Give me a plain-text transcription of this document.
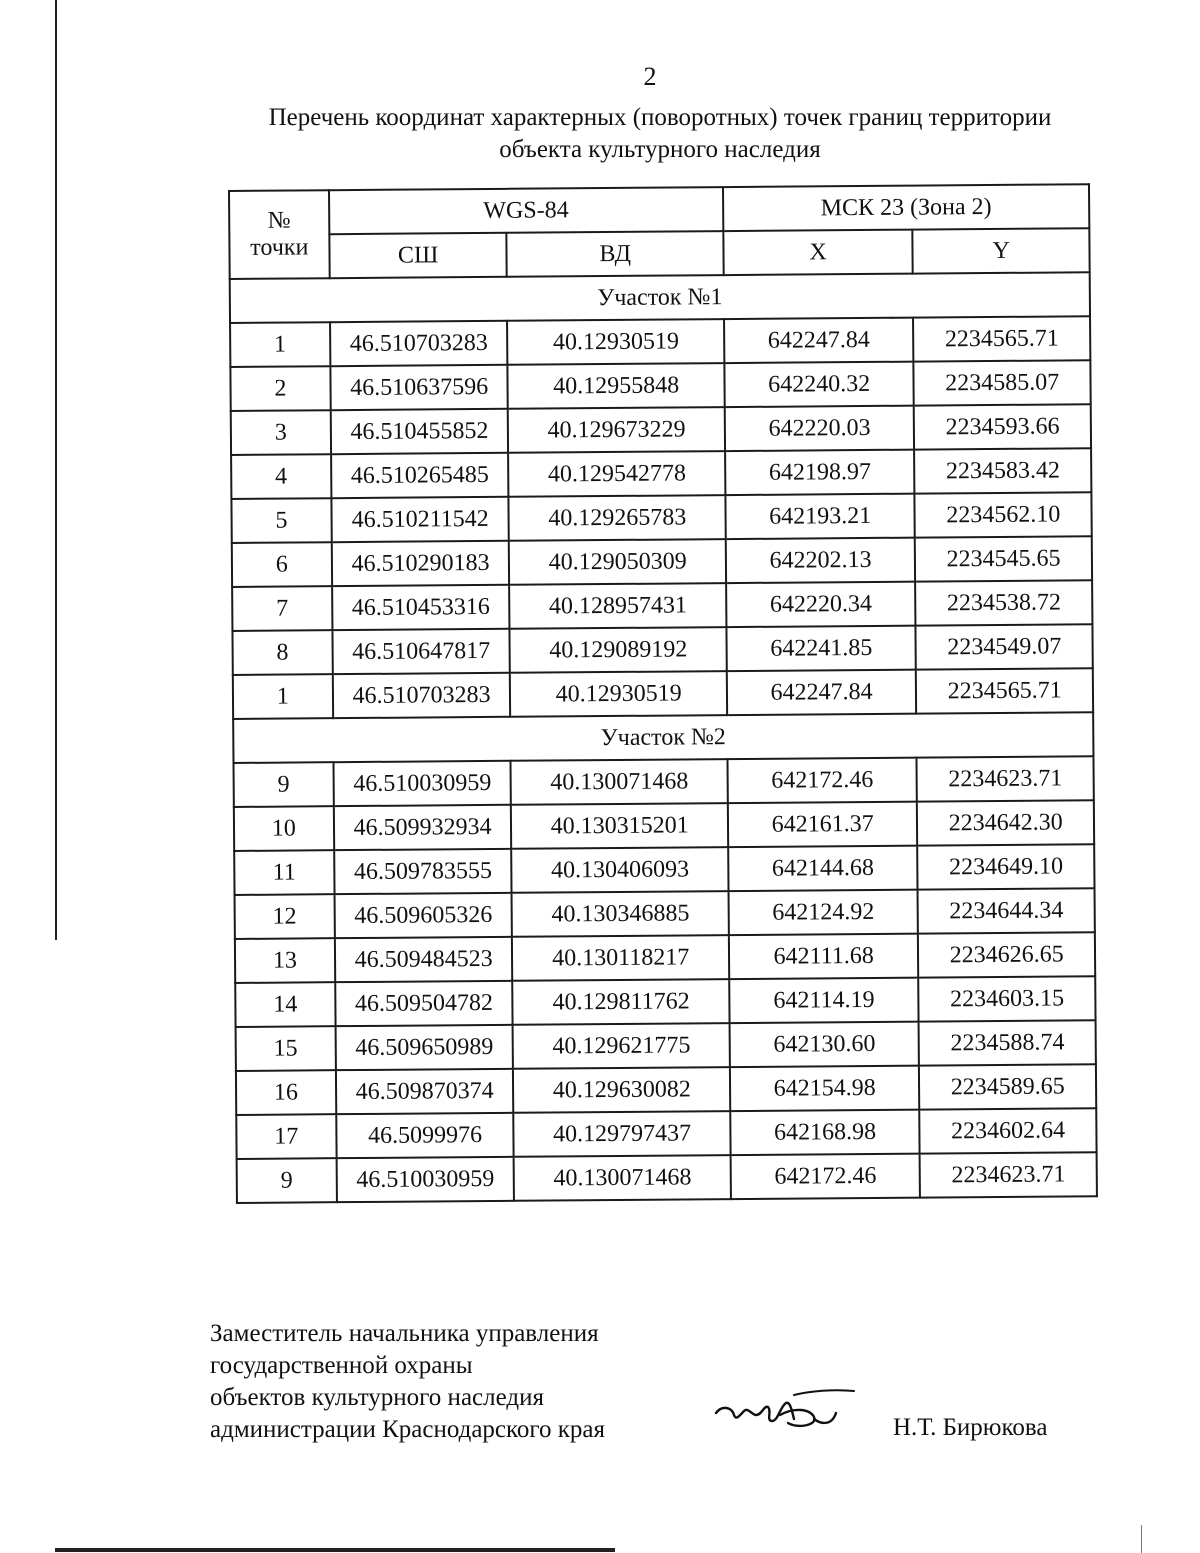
2
Перечень координат характерных (поворотных) точек границ территории
объекта культурного наследия
№
точки	WGS-84		МСК 23 (Зона 2)	
	СШ	ВД	X	Y
Участок №1				
1	46.510703283	40.12930519	642247.84	2234565.71
2	46.510637596	40.12955848	642240.32	2234585.07
3	46.510455852	40.129673229	642220.03	2234593.66
4	46.510265485	40.129542778	642198.97	2234583.42
5	46.510211542	40.129265783	642193.21	2234562.10
6	46.510290183	40.129050309	642202.13	2234545.65
7	46.510453316	40.128957431	642220.34	2234538.72
8	46.510647817	40.129089192	642241.85	2234549.07
1	46.510703283	40.12930519	642247.84	2234565.71
Участок №2				
9	46.510030959	40.130071468	642172.46	2234623.71
10	46.509932934	40.130315201	642161.37	2234642.30
11	46.509783555	40.130406093	642144.68	2234649.10
12	46.509605326	40.130346885	642124.92	2234644.34
13	46.509484523	40.130118217	642111.68	2234626.65
14	46.509504782	40.129811762	642114.19	2234603.15
15	46.509650989	40.129621775	642130.60	2234588.74
16	46.509870374	40.129630082	642154.98	2234589.65
17	46.5099976	40.129797437	642168.98	2234602.64
9	46.510030959	40.130071468	642172.46	2234623.71
Заместитель начальника управления
государственной охраны
объектов культурного наследия
администрации Краснодарского края	Н.Т. Бирюкова
